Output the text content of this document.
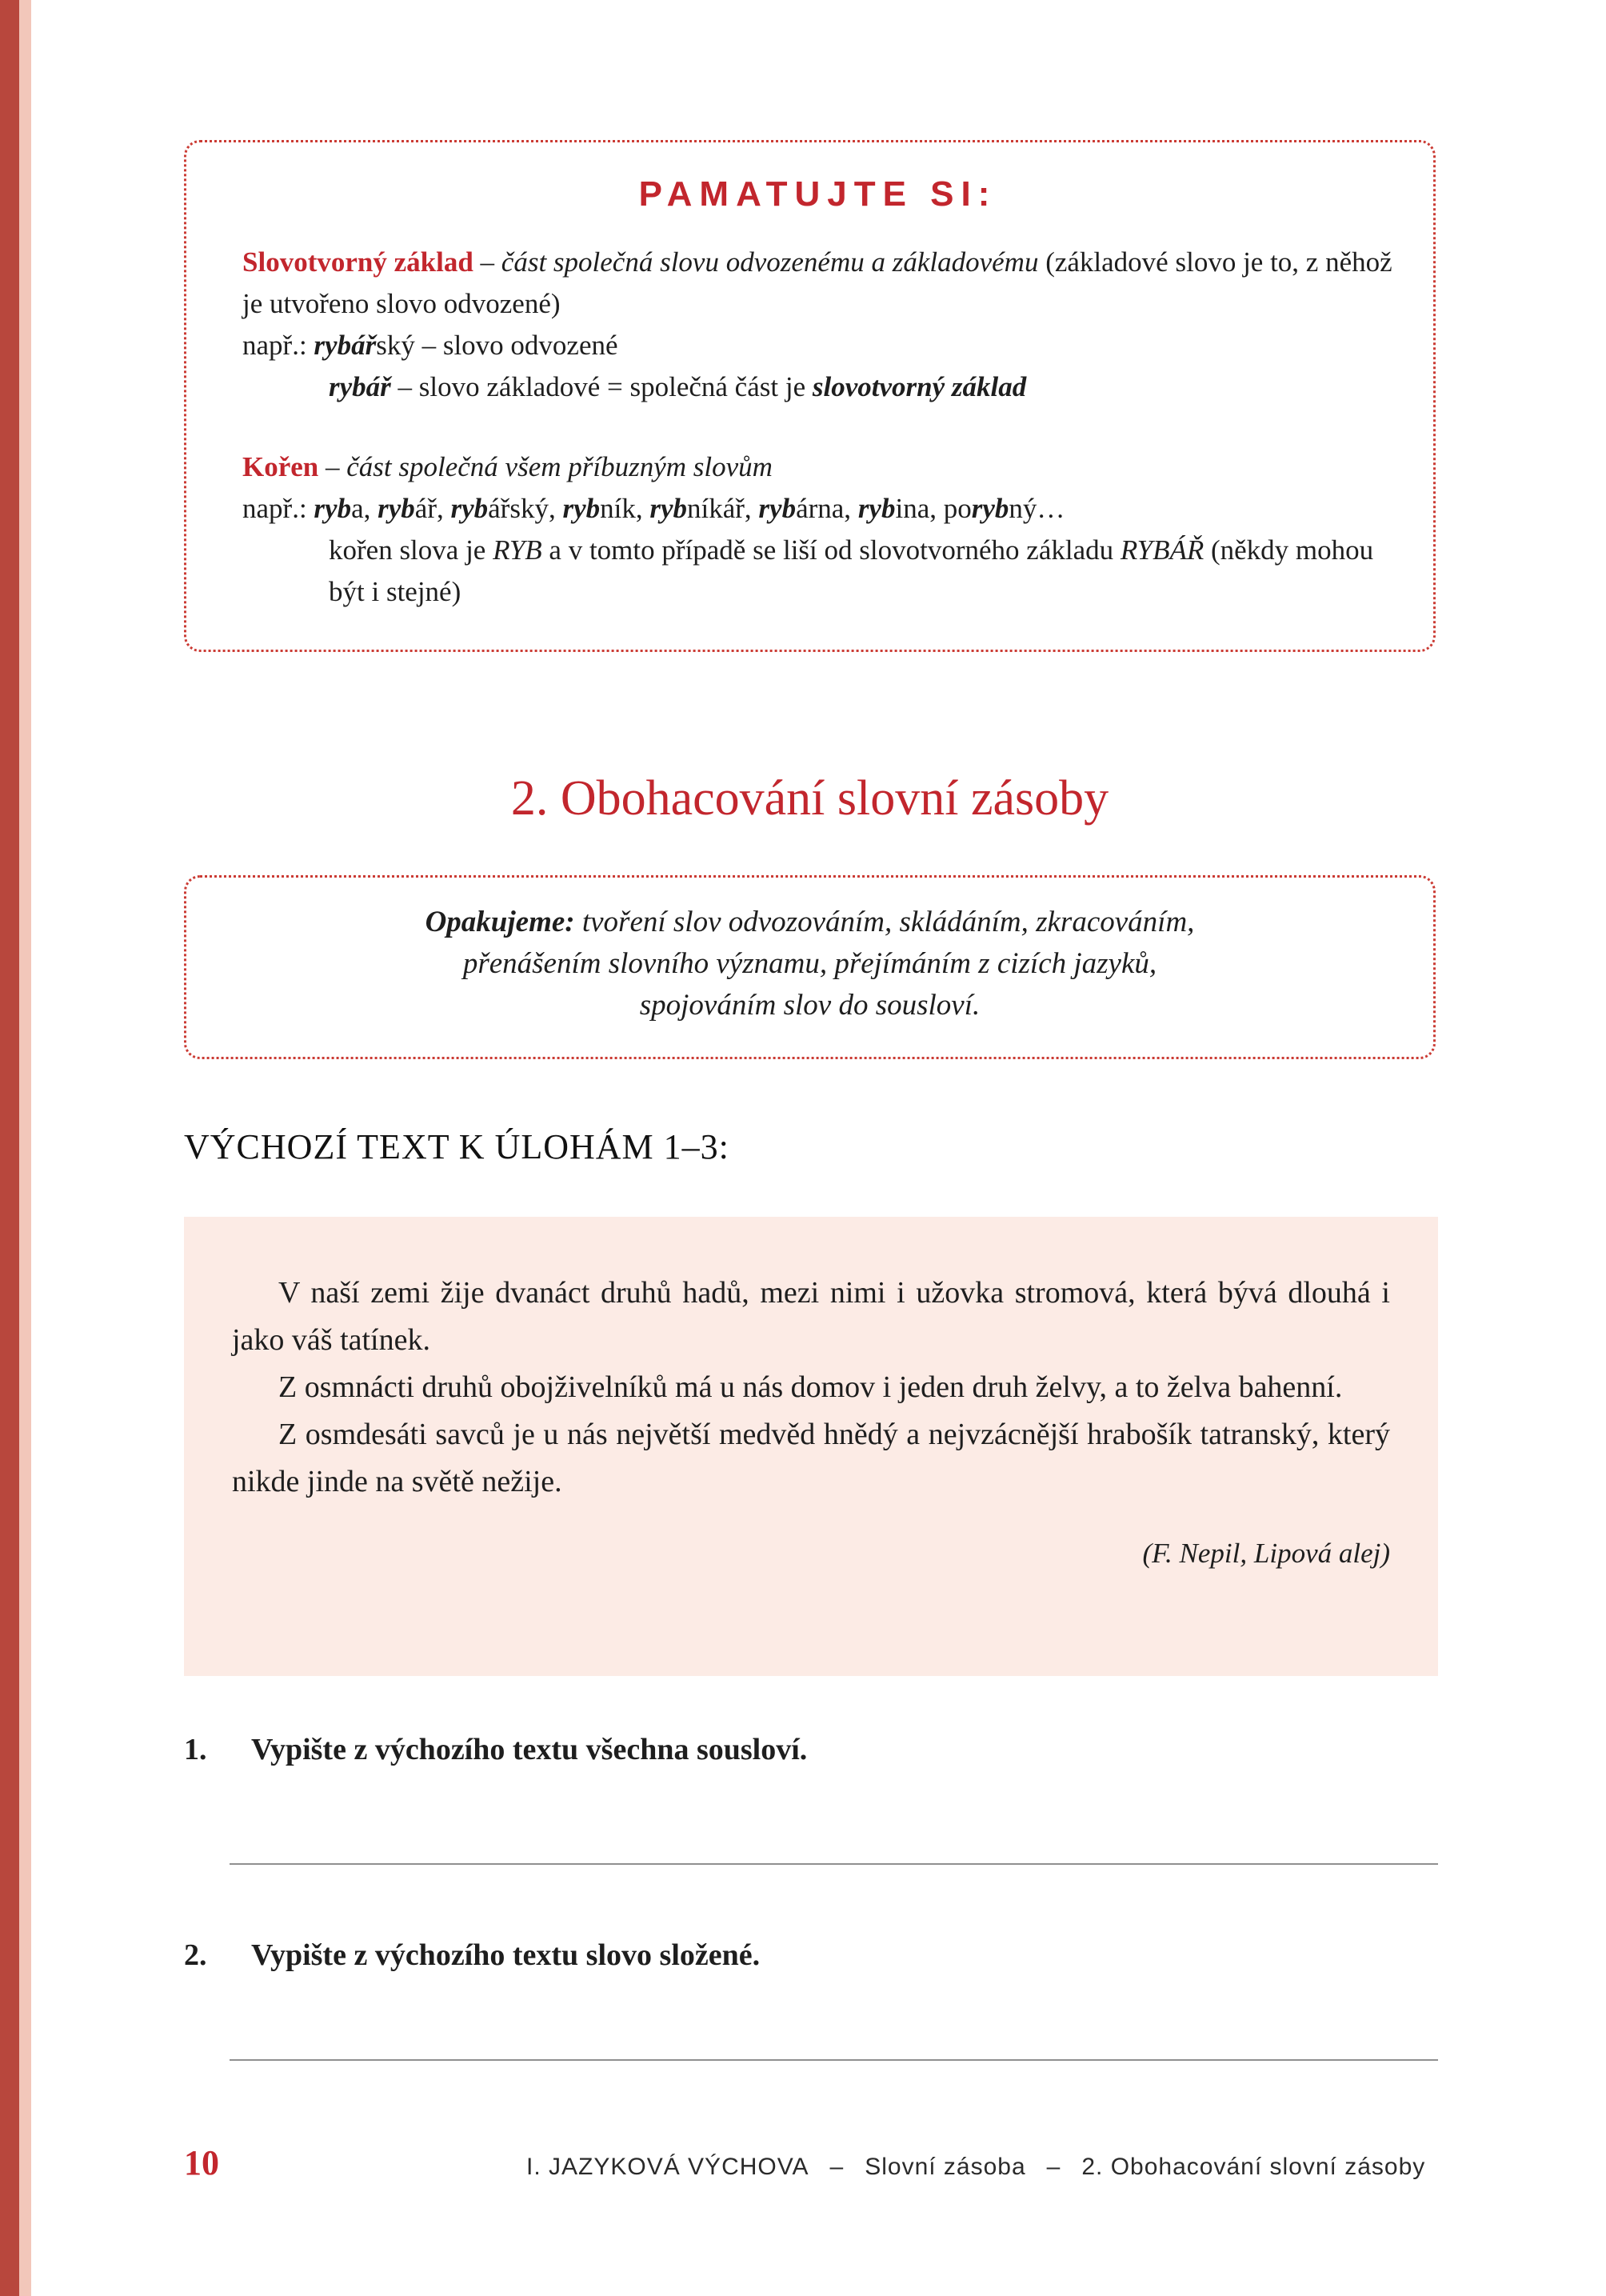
PAMATUJTE SI:

Slovotvorný základ – část společná slovu odvozenému a základovému (základové slovo je to, z něhož je utvořeno slovo odvozené)

např.: rybářský – slovo odvozené

rybář – slovo základové = společná část je slovotvorný základ

Kořen – část společná všem příbuzným slovům

např.: ryba, rybář, rybářský, rybník, rybníkář, rybárna, rybina, porybný…

kořen slova je RYB a v tomto případě se liší od slovotvorného základu RYBÁŘ (někdy mohou být i stejné)

2. Obohacování slovní zásoby

Opakujeme: tvoření slov odvozováním, skládáním, zkracováním,

přenášením slovního významu, přejímáním z cizích jazyků,

spojováním slov do sousloví.

VÝCHOZÍ TEXT K ÚLOHÁM 1–3:

V naší zemi žije dvanáct druhů hadů, mezi nimi i užovka stromová, která bývá dlouhá i jako váš tatínek.

Z osmnácti druhů obojživelníků má u nás domov i jeden druh želvy, a to želva bahenní.

Z osmdesáti savců je u nás největší medvěd hnědý a nejvzácnější hrabošík tatranský, který nikde jinde na světě nežije.

(F. Nepil, Lipová alej)

1.	Vypište z výchozího textu všechna sousloví.
2.	Vypište z výchozího textu slovo složené.
10	I. JAZYKOVÁ VÝCHOVA – Slovní zásoba – 2. Obohacování slovní zásoby
